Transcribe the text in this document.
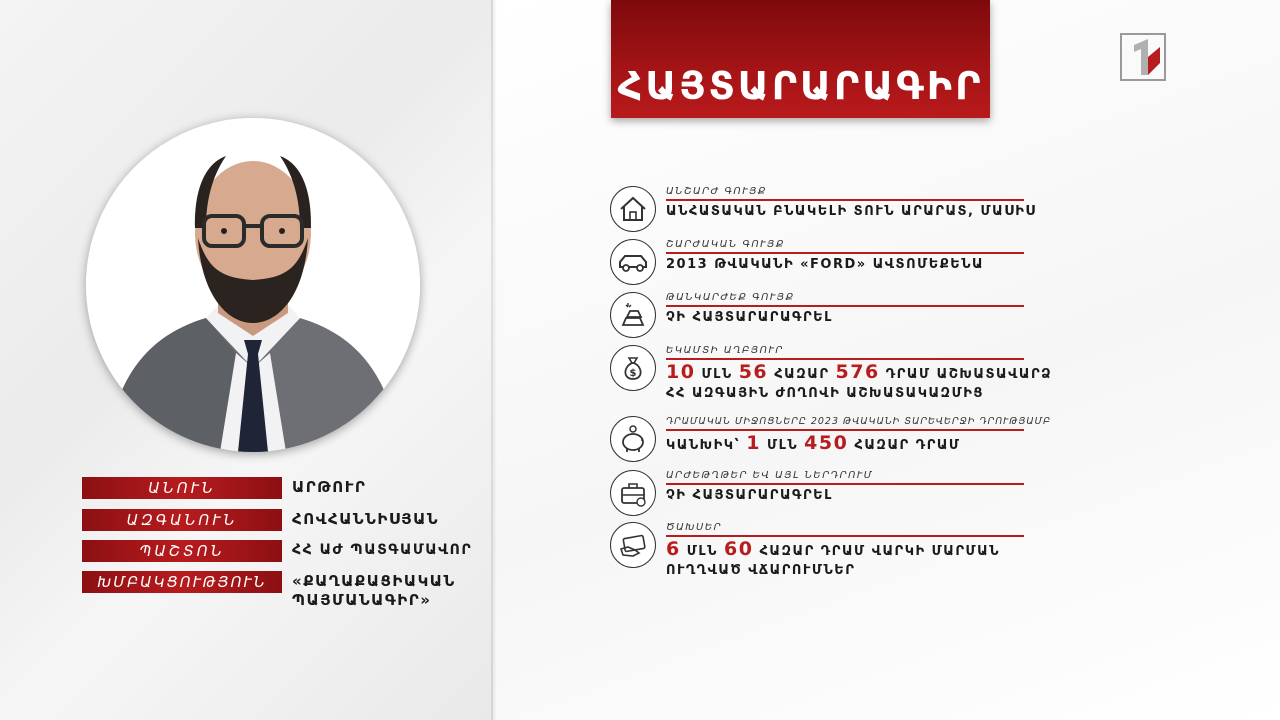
ԱՆՈՒՆ	ԱՐԹՈՒՐ
ԱԶԳԱՆՈՒՆ	ՀՈՎՀԱՆՆԻՍՅԱՆ
ՊԱՇՏՈՆ	ՀՀ ԱԺ ՊԱՏԳԱՄԱՎՈՐ
ԽՄԲԱԿՑՈՒԹՅՈՒՆ	«ՔԱՂԱՔԱՑԻԱԿԱՆ
ՊԱՅՄԱՆԱԳԻՐ»
ՀԱՅՏԱՐԱՐԱԳԻՐ
ԱՆՇԱՐԺ ԳՈՒՅՔ
ԱՆՀԱՏԱԿԱՆ ԲՆԱԿԵԼԻ ՏՈՒՆ ԱՐԱՐԱՏ, ՄԱՍԻՍ
ՇԱՐԺԱԿԱՆ ԳՈՒՅՔ
2013 ԹՎԱԿԱՆԻ «FORD» ԱՎՏՈՄԵՔԵՆԱ
ԹԱՆԿԱՐԺԵՔ ԳՈՒՅՔ
ՉԻ ՀԱՅՏԱՐԱՐԱԳՐԵԼ
$
ԵԿԱՄՏԻ ԱՂԲՅՈՒՐ
10 ՄԼՆ 56 ՀԱԶԱՐ 576 ԴՐԱՄ ԱՇԽԱՏԱՎԱՐՁ
ՀՀ ԱԶԳԱՅԻՆ ԺՈՂՈՎԻ ԱՇԽԱՏԱԿԱԶՄԻՑ
ԴՐԱՄԱԿԱՆ ՄԻՋՈՑՆԵՐԸ 2023 ԹՎԱԿԱՆԻ ՏԱՐԵՎԵՐՋԻ ԴՐՈՒԹՅԱՄԲ
ԿԱՆԽԻԿ՝ 1 ՄԼՆ 450 ՀԱԶԱՐ ԴՐԱՄ
ԱՐԺԵԹՂԹԵՐ ԵՎ ԱՅԼ ՆԵՐԴՐՈՒՄ
ՉԻ ՀԱՅՏԱՐԱՐԱԳՐԵԼ
ԾԱԽՍԵՐ
6 ՄԼՆ 60 ՀԱԶԱՐ ԴՐԱՄ ՎԱՐԿԻ ՄԱՐՄԱՆ
ՈՒՂՂՎԱԾ ՎՃԱՐՈՒՄՆԵՐ
